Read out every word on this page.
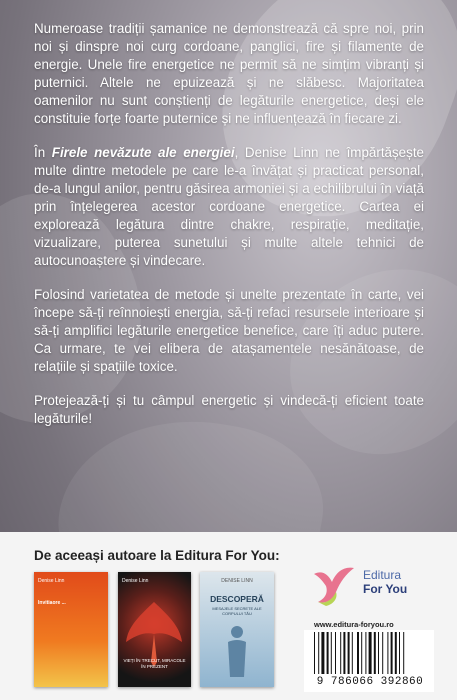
Numeroase tradiții șamanice ne demonstrează că spre noi, prin noi și dinspre noi curg cordoane, panglici, fire și filamente de energie. Unele fire energetice ne permit să ne simțim vibranți și puternici. Altele ne epuizează și ne slăbesc. Majoritatea oamenilor nu sunt conștienți de legăturile energetice, deși ele constituie forțe foarte puternice și ne influențează în fiecare zi.

În Firele nevăzute ale energiei, Denise Linn ne împărtășește multe dintre metodele pe care le-a învățat și practicat personal, de-a lungul anilor, pentru găsirea armoniei și a echilibrului în viață prin înțelegerea acestor cordoane energetice. Cartea ei explorează legătura dintre chakre, respirație, meditație, vizualizare, puterea sunetului și multe altele tehnici de autocunoaștere și vindecare.

Folosind varietatea de metode și unelte prezentate în carte, vei începe să-ți reînnoiești energia, să-ți refaci resursele interioare și să-ți amplifici legăturile energetice benefice, care îți aduc putere. Ca urmare, te vei elibera de atașamentele nesănătoase, de relațiile și spațiile toxice.

Protejează-ți și tu câmpul energetic și vindecă-ți eficient toate legăturile!

De aceeași autoare la Editura For You:
Denise Linn
Invitiaore ...
Denise Linn
VIEȚI ÎN TRECUT, MIRACOLE ÎN PREZENT
DENISE LINN
DESCOPERĂ
MESAJELE SECRETE ALE CORPULUI TĂU
Editura
For You
www.editura-foryou.ro
9 786066 392860
